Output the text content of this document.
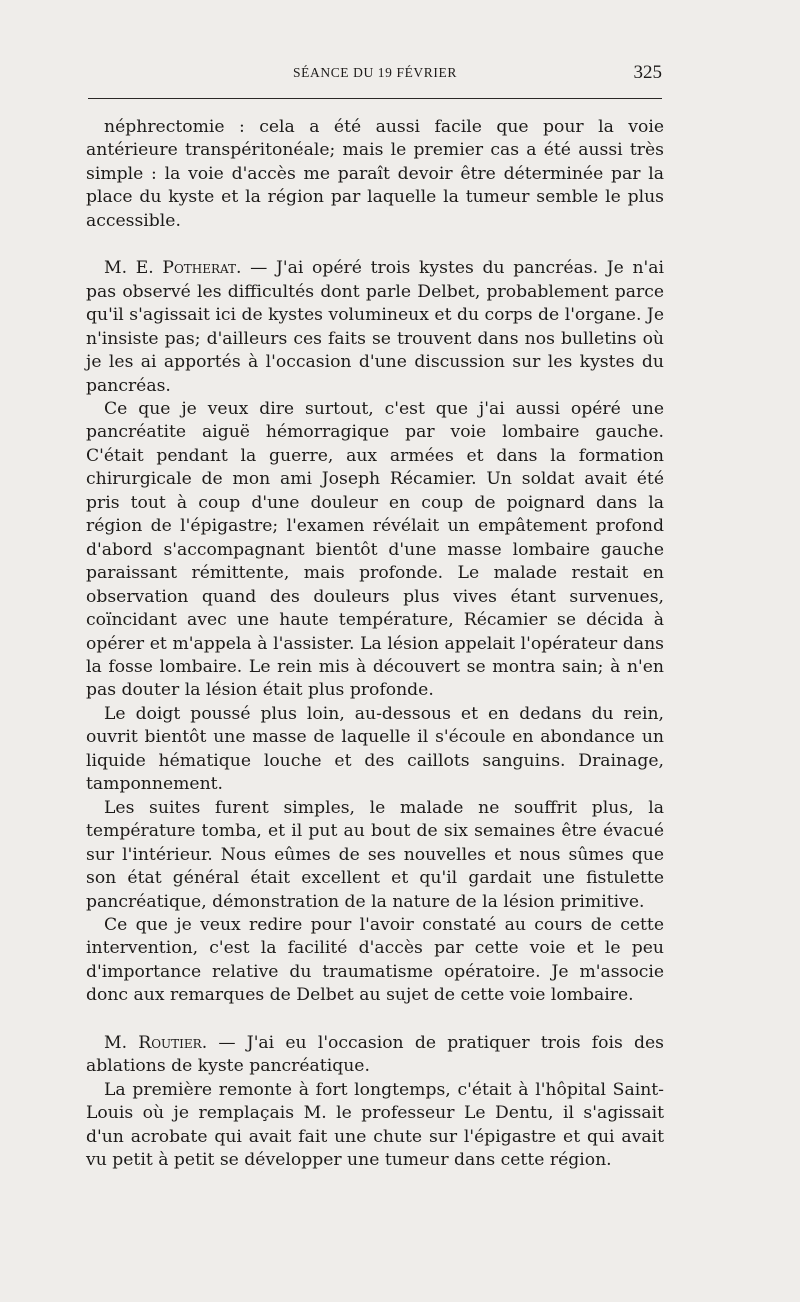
SÉANCE DU 19 FÉVRIER	325

néphrectomie : cela a été aussi facile que pour la voie antérieure transpéritonéale; mais le premier cas a été aussi très simple : la voie d'accès me paraît devoir être déterminée par la place du kyste et la région par laquelle la tumeur semble le plus accessible.

M. E. Potherat. — J'ai opéré trois kystes du pancréas. Je n'ai pas observé les difficultés dont parle Delbet, probablement parce qu'il s'agissait ici de kystes volumineux et du corps de l'organe. Je n'insiste pas; d'ailleurs ces faits se trouvent dans nos bulletins où je les ai apportés à l'occasion d'une discussion sur les kystes du pancréas.

Ce que je veux dire surtout, c'est que j'ai aussi opéré une pancréatite aiguë hémorragique par voie lombaire gauche. C'était pendant la guerre, aux armées et dans la formation chirurgicale de mon ami Joseph Récamier. Un soldat avait été pris tout à coup d'une douleur en coup de poignard dans la région de l'épigastre; l'examen révélait un empâtement profond d'abord s'accompagnant bientôt d'une masse lombaire gauche paraissant rémittente, mais profonde. Le malade restait en observation quand des douleurs plus vives étant survenues, coïncidant avec une haute température, Récamier se décida à opérer et m'appela à l'assister. La lésion appelait l'opérateur dans la fosse lombaire. Le rein mis à découvert se montra sain; à n'en pas douter la lésion était plus profonde.

Le doigt poussé plus loin, au-dessous et en dedans du rein, ouvrit bientôt une masse de laquelle il s'écoule en abondance un liquide hématique louche et des caillots sanguins. Drainage, tamponnement.

Les suites furent simples, le malade ne souffrit plus, la température tomba, et il put au bout de six semaines être évacué sur l'intérieur. Nous eûmes de ses nouvelles et nous sûmes que son état général était excellent et qu'il gardait une fistulette pancréatique, démonstration de la nature de la lésion primitive.

Ce que je veux redire pour l'avoir constaté au cours de cette intervention, c'est la facilité d'accès par cette voie et le peu d'importance relative du traumatisme opératoire. Je m'associe donc aux remarques de Delbet au sujet de cette voie lombaire.

M. Routier. — J'ai eu l'occasion de pratiquer trois fois des ablations de kyste pancréatique.

La première remonte à fort longtemps, c'était à l'hôpital Saint-Louis où je remplaçais M. le professeur Le Dentu, il s'agissait d'un acrobate qui avait fait une chute sur l'épigastre et qui avait vu petit à petit se développer une tumeur dans cette région.
